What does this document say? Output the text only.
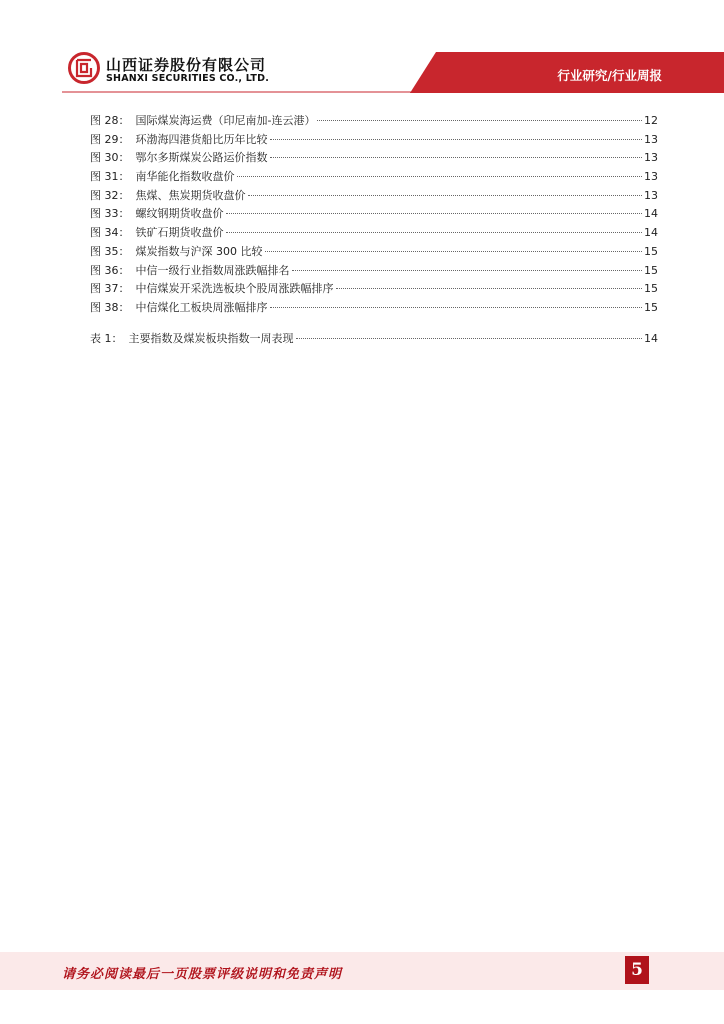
山西证券股份有限公司
SHANXI SECURITIES CO., LTD.	行业研究/行业周报
图 28： 国际煤炭海运费（印尼南加-连云港）	12
图 29： 环渤海四港货船比历年比较	13
图 30： 鄂尔多斯煤炭公路运价指数	13
图 31： 南华能化指数收盘价	13
图 32： 焦煤、焦炭期货收盘价	13
图 33： 螺纹钢期货收盘价	14
图 34： 铁矿石期货收盘价	14
图 35： 煤炭指数与沪深 300 比较	15
图 36： 中信一级行业指数周涨跌幅排名	15
图 37： 中信煤炭开采洗选板块个股周涨跌幅排序	15
图 38： 中信煤化工板块周涨幅排序	15
表 1： 主要指数及煤炭板块指数一周表现	14
请务必阅读最后一页股票评级说明和免责声明	5
